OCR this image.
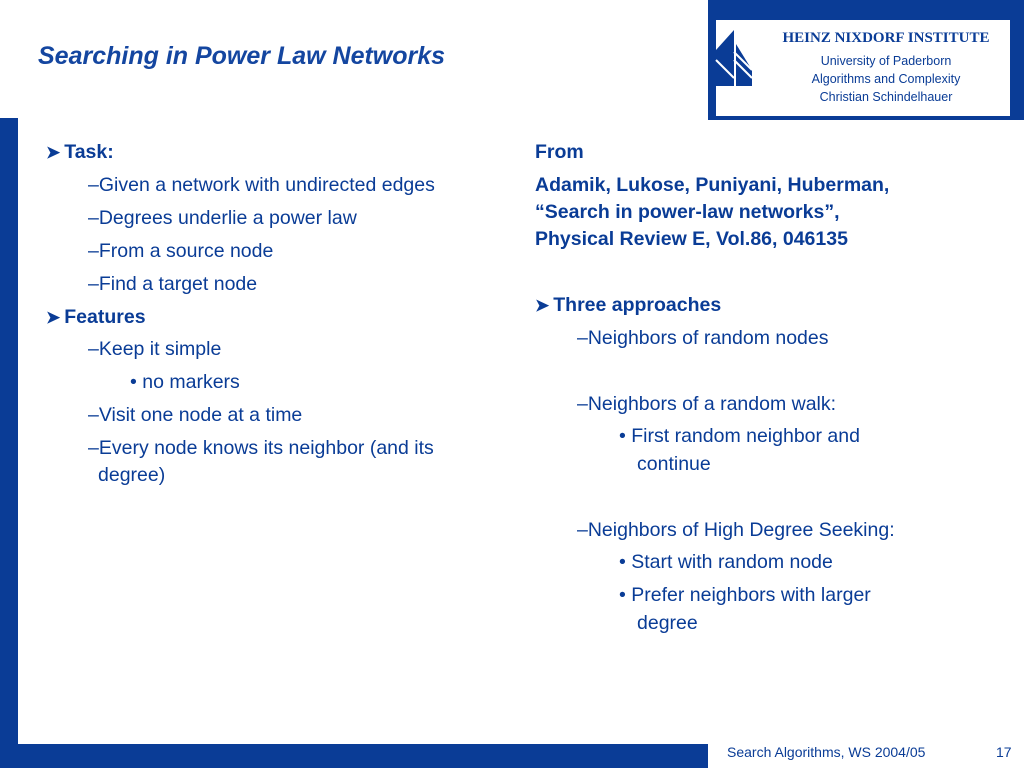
Searching in Power Law Networks
HEINZ NIXDORF INSTITUTE
University of Paderborn
Algorithms and Complexity
Christian Schindelhauer
➤ Task:
–Given a network with undirected edges
–Degrees underlie a power law
–From a source node
–Find a target node
➤ Features
–Keep it simple
• no markers
–Visit one node at a time
–Every node knows its neighbor (and its
degree)
From
Adamik, Lukose, Puniyani, Huberman,
“Search in power-law networks”,
Physical Review E, Vol.86, 046135
➤ Three approaches
–Neighbors of random nodes
–Neighbors of a random walk:
• First random neighbor and
continue
–Neighbors of High Degree Seeking:
• Start with random node
• Prefer neighbors with larger
degree
Search Algorithms, WS 2004/05	17
